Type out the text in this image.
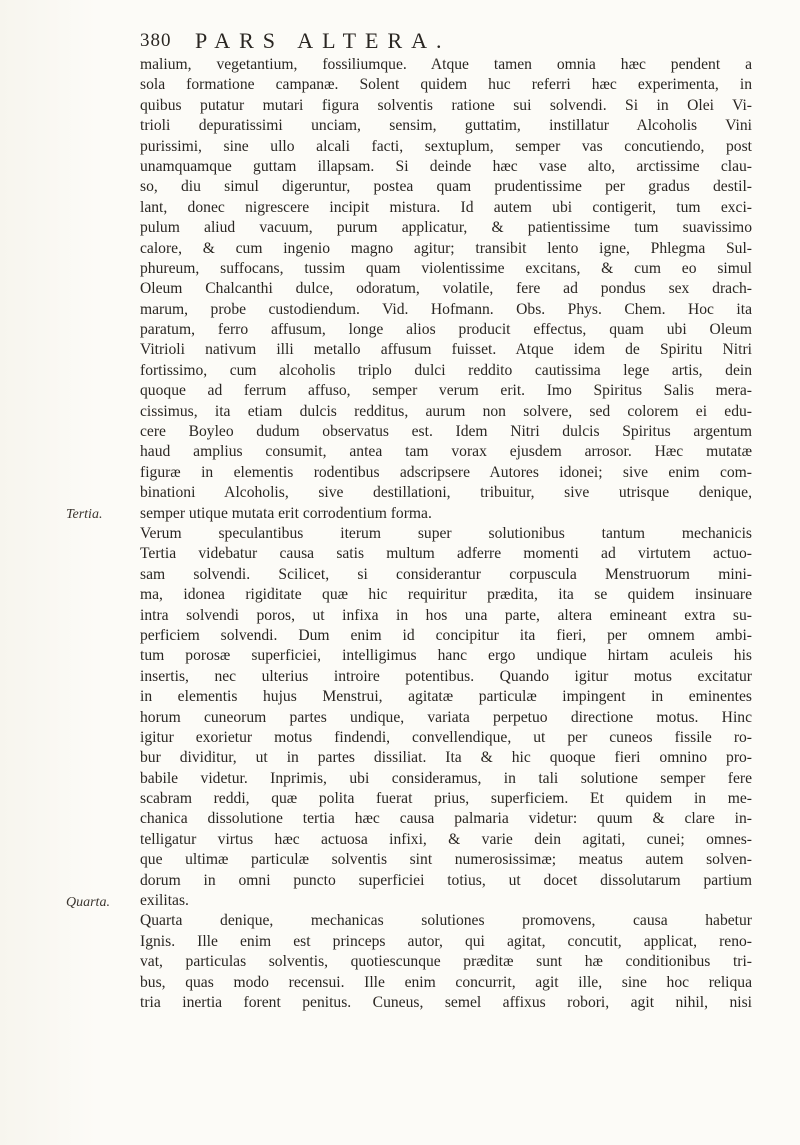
380 PARS ALTERA.
Tertia.
Quarta.
malium, vegetantium, fossiliumque. Atque tamen omnia hæc pendent a
sola formatione campanæ. Solent quidem huc referri hæc experimenta, in
quibus putatur mutari figura solventis ratione sui solvendi. Si in Olei Vi-
trioli depuratissimi unciam, sensim, guttatim, instillatur Alcoholis Vini
purissimi, sine ullo alcali facti, sextuplum, semper vas concutiendo, post
unamquamque guttam illapsam. Si deinde hæc vase alto, arctissime clau-
so, diu simul digeruntur, postea quam prudentissime per gradus destil-
lant, donec nigrescere incipit mistura. Id autem ubi contigerit, tum exci-
pulum aliud vacuum, purum applicatur, & patientissime tum suavissimo
calore, & cum ingenio magno agitur; transibit lento igne, Phlegma Sul-
phureum, suffocans, tussim quam violentissime excitans, & cum eo simul
Oleum Chalcanthi dulce, odoratum, volatile, fere ad pondus sex drach-
marum, probe custodiendum. Vid. Hofmann. Obs. Phys. Chem. Hoc ita
paratum, ferro affusum, longe alios producit effectus, quam ubi Oleum
Vitrioli nativum illi metallo affusum fuisset. Atque idem de Spiritu Nitri
fortissimo, cum alcoholis triplo dulci reddito cautissima lege artis, dein
quoque ad ferrum affuso, semper verum erit. Imo Spiritus Salis mera-
cissimus, ita etiam dulcis redditus, aurum non solvere, sed colorem ei edu-
cere Boyleo dudum observatus est. Idem Nitri dulcis Spiritus argentum
haud amplius consumit, antea tam vorax ejusdem arrosor. Hæc mutatæ
figuræ in elementis rodentibus adscripsere Autores idonei; sive enim com-
binationi Alcoholis, sive destillationi, tribuitur, sive utrisque denique,
semper utique mutata erit corrodentium forma.
Verum speculantibus iterum super solutionibus tantum mechanicis
Tertia videbatur causa satis multum adferre momenti ad virtutem actuo-
sam solvendi. Scilicet, si considerantur corpuscula Menstruorum mini-
ma, idonea rigiditate quæ hic requiritur prædita, ita se quidem insinuare
intra solvendi poros, ut infixa in hos una parte, altera emineant extra su-
perficiem solvendi. Dum enim id concipitur ita fieri, per omnem ambi-
tum porosæ superficiei, intelligimus hanc ergo undique hirtam aculeis his
insertis, nec ulterius introire potentibus. Quando igitur motus excitatur
in elementis hujus Menstrui, agitatæ particulæ impingent in eminentes
horum cuneorum partes undique, variata perpetuo directione motus. Hinc
igitur exorietur motus findendi, convellendique, ut per cuneos fissile ro-
bur dividitur, ut in partes dissiliat. Ita & hic quoque fieri omnino pro-
babile videtur. Inprimis, ubi consideramus, in tali solutione semper fere
scabram reddi, quæ polita fuerat prius, superficiem. Et quidem in me-
chanica dissolutione tertia hæc causa palmaria videtur: quum & clare in-
telligatur virtus hæc actuosa infixi, & varie dein agitati, cunei; omnes-
que ultimæ particulæ solventis sint numerosissimæ; meatus autem solven-
dorum in omni puncto superficiei totius, ut docet dissolutarum partium
exilitas.
Quarta denique, mechanicas solutiones promovens, causa habetur
Ignis. Ille enim est princeps autor, qui agitat, concutit, applicat, reno-
vat, particulas solventis, quotiescunque præditæ sunt hæ conditionibus tri-
bus, quas modo recensui. Ille enim concurrit, agit ille, sine hoc reliqua
tria inertia forent penitus. Cuneus, semel affixus robori, agit nihil, nisi
